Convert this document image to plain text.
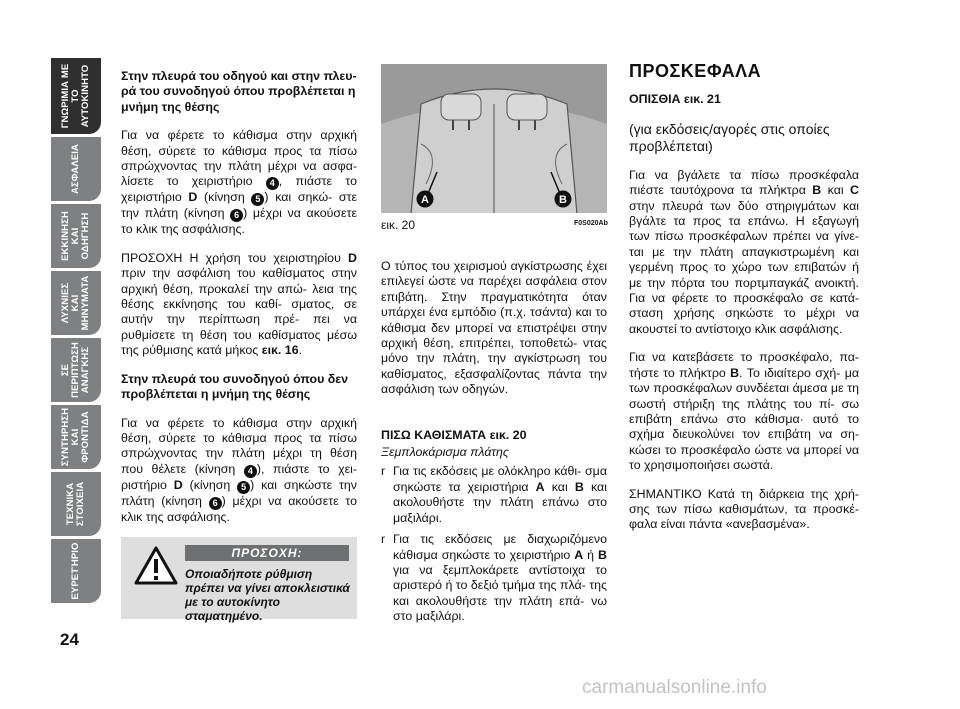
ΓΝΩΡΙΜΙΑ ΜΕ
ΤΟ
ΑΥΤΟΚΙΝΗΤΟ
ΑΣΦΑΛΕΙΑ
ΕΚΚΙΝΗΣΗ
ΚΑΙ
ΟΔΗΓΗΣΗ
ΛΥΧΝΙΕΣ
ΚΑΙ
ΜΗΝΥΜΑΤΑ
ΣΕ
ΠΕΡΙΠΤΩΣΗ
ΑΝΑΓΚΗΣ
ΣΥΝΤΗΡΗΣΗ
ΚΑΙ
ΦΡΟΝΤΙΔΑ
ΤΕΧΝΙΚΑ
ΣΤΟΙΧΕΙΑ
ΕΥΡΕΤΉΡΙΟ
24

Στην πλευρά του οδηγού και στην πλευ- ρά του συνοδηγού όπου προβλέπεται η μνήμη της θέσης

Για να φέρετε το κάθισμα στην αρχική θέση, σύρετε το κάθισμα προς τα πίσω σπρώχνοντας την πλάτη μέχρι να ασφα- λίσετε το χειριστήριο 4 , πιάστε το χειριστήριο D (κίνηση 5 ) και σηκώ- στε την πλάτη (κίνηση 6 ) μέχρι να ακούσετε το κλικ της ασφάλισης.

ΠΡΟΣΟΧΗ Η χρήση του χειριστηρίου D πριν την ασφάλιση του καθίσματος στην αρχική θέση, προκαλεί την απώ- λεια της θέσης εκκίνησης του καθί- σματος, σε αυτήν την περίπτωση πρέ- πει να ρυθμίσετε τη θέση του καθίσματος μέσω της ρύθμισης κατά μήκος εικ. 16.

Στην πλευρά του συνοδηγού όπου δεν προβλέπεται η μνήμη της θέσης

Για να φέρετε το κάθισμα στην αρχική θέση, σύρετε το κάθισμα προς τα πίσω σπρώχνοντας την πλάτη μέχρι τη θέση που θέλετε (κίνηση 4 ), πιάστε το χει- ριστήριο D (κίνηση 5 ) και σηκώστε την πλάτη (κίνηση 6 ) μέχρι να ακούσετε το κλικ της ασφάλισης.

ΠΡΟΣΟΧΗ:
Οποιαδήποτε ρύθμιση πρέπει να γίνει αποκλειστικά με το αυτοκίνητο σταματημένο.
A	B
εικ. 20	F0S020Ab

Ο τύπος του χειρισμού αγκίστρωσης έχει επιλεγεί ώστε να παρέχει ασφάλεια στον επιβάτη. Στην πραγματικότητα όταν υπάρχει ένα εμπόδιο (π.χ. τσάντα) και το κάθισμα δεν μπορεί να επιστρέψει στην αρχική θέση, επιτρέπει, τοποθετώ- ντας μόνο την πλάτη, την αγκίστρωση του καθίσματος, εξασφαλίζοντας πάντα την ασφάλιση των οδηγών.

ΠΙΣΩ ΚΑΘΙΣΜΑΤΑ εικ. 20

Ξεμπλοκάρισμα πλάτης

r Για τις εκδόσεις με ολόκληρο κάθι- σμα σηκώστε τα χειριστήρια A και B και ακολουθήστε την πλάτη επάνω στο μαξιλάρι.

r Για τις εκδόσεις με διαχωριζόμενο κάθισμα σηκώστε το χειριστήριο A ή B για να ξεμπλοκάρετε αντίστοιχα το αριστερό ή το δεξιό τμήμα της πλά- της και ακολουθήστε την πλάτη επά- νω στο μαξιλάρι.

ΠΡΟΣΚΕΦΑΛΑ

ΟΠΙΣΘΙΑ εικ. 21

(για εκδόσεις/αγορές στις οποίες προβλέπεται)

Για να βγάλετε τα πίσω προσκέφαλα πιέστε ταυτόχρονα τα πλήκτρα B και C στην πλευρά των δύο στηριγμάτων και βγάλτε τα προς τα επάνω. Η εξαγωγή των πίσω προσκέφαλων πρέπει να γίνε- ται με την πλάτη απαγκιστρωμένη και γερμένη προς το χώρο των επιβατών ή με την πόρτα του πορτμπαγκάζ ανοικτή. Για να φέρετε το προσκέφαλο σε κατά- σταση χρήσης σηκώστε το μέχρι να ακουστεί το αντίστοιχο κλικ ασφάλισης.

Για να κατεβάσετε το προσκέφαλο, πα- τήστε το πλήκτρο B. Το ιδιαίτερο σχή- μα των προσκέφαλων συνδέεται άμεσα με τη σωστή στήριξη της πλάτης του πί- σω επιβάτη επάνω στο κάθισμα· αυτό το σχήμα διευκολύνει τον επιβάτη να ση- κώσει το προσκέφαλο ώστε να μπορεί να το χρησιμοποιήσει σωστά.

ΣΗΜΑΝΤΙΚΟ Κατά τη διάρκεια της χρή- σης των πίσω καθισμάτων, τα προσκέ- φαλα είναι πάντα «ανεβασμένα».

carmanualsonline.info
